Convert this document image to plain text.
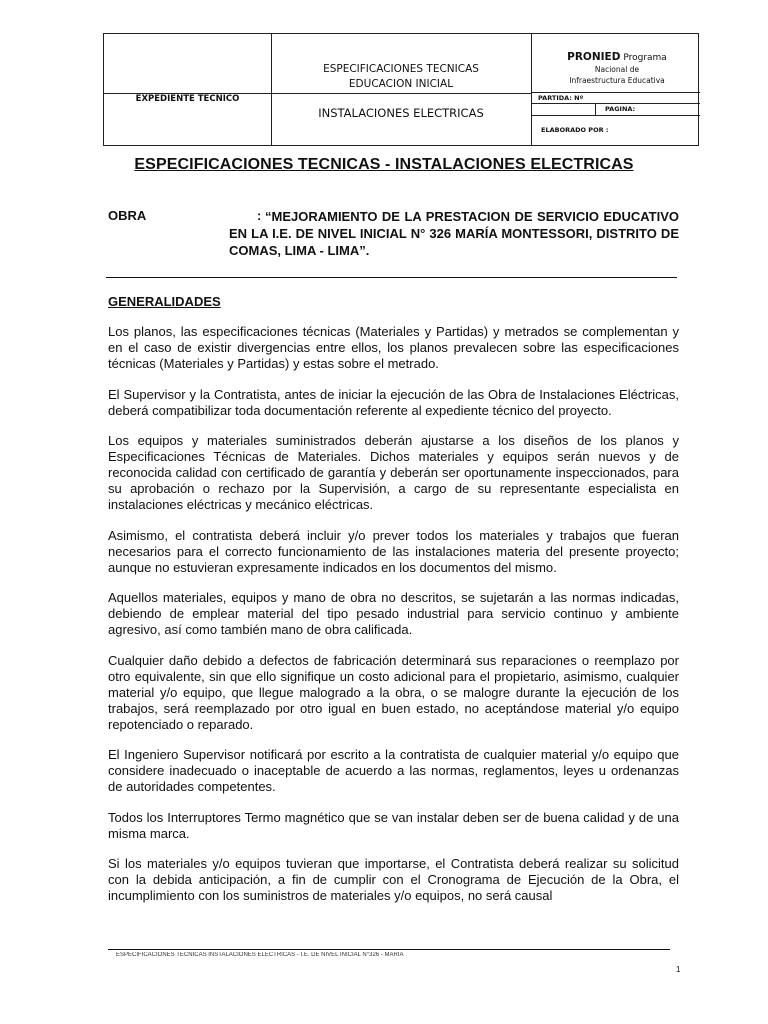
ESPECIFICACIONES TECNICAS
EDUCACION INICIAL
EXPEDIENTE TECNICO
INSTALACIONES ELECTRICAS
PRONIED Programa
Nacional de
Infraestructura Educativa
PARTIDA: Nº
PAGINA:
ELABORADO POR :
ESPECIFICACIONES TECNICAS - INSTALACIONES ELECTRICAS
OBRA	: “MEJORAMIENTO DE LA PRESTACION DE SERVICIO EDUCATIVO EN LA I.E. DE NIVEL INICIAL N° 326 MARÍA MONTESSORI, DISTRITO DE COMAS, LIMA - LIMA”.
GENERALIDADES

Los planos, las especificaciones técnicas (Materiales y Partidas) y metrados se complementan y en el caso de existir divergencias entre ellos, los planos prevalecen sobre las especificaciones técnicas (Materiales y Partidas) y estas sobre el metrado.

El Supervisor y la Contratista, antes de iniciar la ejecución de las Obra de Instalaciones Eléctricas, deberá compatibilizar toda documentación referente al expediente técnico del proyecto.

Los equipos y materiales suministrados deberán ajustarse a los diseños de los planos y Especificaciones Técnicas de Materiales. Dichos materiales y equipos serán nuevos y de reconocida calidad con certificado de garantía y deberán ser oportunamente inspeccionados, para su aprobación o rechazo por la Supervisión, a cargo de su representante especialista en instalaciones eléctricas y mecánico eléctricas.

Asimismo, el contratista deberá incluir y/o prever todos los materiales y trabajos que fueran necesarios para el correcto funcionamiento de las instalaciones materia del presente proyecto; aunque no estuvieran expresamente indicados en los documentos del mismo.

Aquellos materiales, equipos y mano de obra no descritos, se sujetarán a las normas indicadas, debiendo de emplear material del tipo pesado industrial para servicio continuo y ambiente agresivo, así como también mano de obra calificada.

Cualquier daño debido a defectos de fabricación determinará sus reparaciones o reemplazo por otro equivalente, sin que ello signifique un costo adicional para el propietario, asimismo, cualquier material y/o equipo, que llegue malogrado a la obra, o se malogre durante la ejecución de los trabajos, será reemplazado por otro igual en buen estado, no aceptándose material y/o equipo repotenciado o reparado.

El Ingeniero Supervisor notificará por escrito a la contratista de cualquier material y/o equipo que considere inadecuado o inaceptable de acuerdo a las normas, reglamentos, leyes u ordenanzas de autoridades competentes.

Todos los Interruptores Termo magnético que se van instalar deben ser de buena calidad y de una misma marca.

Si los materiales y/o equipos tuvieran que importarse, el Contratista deberá realizar su solicitud con la debida anticipación, a fin de cumplir con el Cronograma de Ejecución de la Obra, el incumplimiento con los suministros de materiales y/o equipos, no será causal

ESPECIFICACIONES TECNICAS INSTALACIONES ELECTRICAS - I.E. DE NIVEL INICIAL N°326 - MARIA
1
